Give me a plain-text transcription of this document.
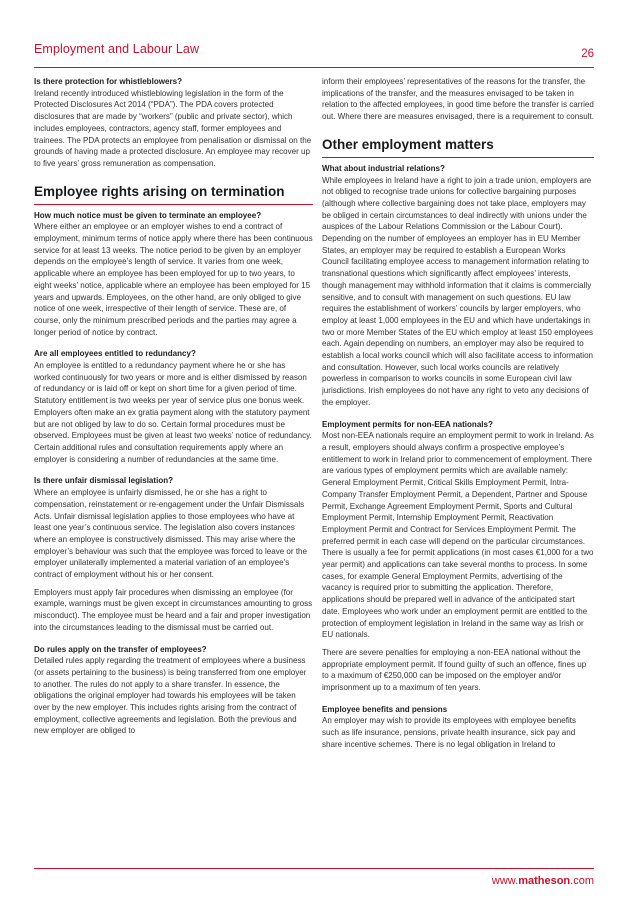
Employment and Labour Law	26
Is there protection for whistleblowers?

Ireland recently introduced whistleblowing legislation in the form of the Protected Disclosures Act 2014 (“PDA”). The PDA covers protected disclosures that are made by “workers” (public and private sector), which includes employees, contractors, agency staff, former employees and trainees. The PDA protects an employee from penalisation or dismissal on the grounds of having made a protected disclosure. An employee may recover up to five years’ gross remuneration as compensation.

Employee rights arising on termination
How much notice must be given to terminate an employee?

Where either an employee or an employer wishes to end a contract of employment, minimum terms of notice apply where there has been continuous service for at least 13 weeks. The notice period to be given by an employer depends on the employee’s length of service. It varies from one week, applicable where an employee has been employed for up to two years, to eight weeks’ notice, applicable where an employee has been employed for 15 years and upwards. Employees, on the other hand, are only obliged to give notice of one week, irrespective of their length of service. These are, of course, only the minimum prescribed periods and the parties may agree a longer period of notice by contract.

Are all employees entitled to redundancy?

An employee is entitled to a redundancy payment where he or she has worked continuously for two years or more and is either dismissed by reason of redundancy or is laid off or kept on short time for a given period of time. Statutory entitlement is two weeks per year of service plus one bonus week. Employers often make an ex gratia payment along with the statutory payment but are not obliged by law to do so. Certain formal procedures must be observed. Employees must be given at least two weeks’ notice of redundancy. Certain additional rules and consultation requirements apply where an employer is considering a number of redundancies at the same time.

Is there unfair dismissal legislation?

Where an employee is unfairly dismissed, he or she has a right to compensation, reinstatement or re-engagement under the Unfair Dismissals Acts. Unfair dismissal legislation applies to those employees who have at least one year’s continuous service. The legislation also covers instances where an employee is constructively dismissed. This may arise where the employer’s behaviour was such that the employee was forced to leave or the employer unilaterally implemented a material variation of an employee’s contract of employment without his or her consent.

Employers must apply fair procedures when dismissing an employee (for example, warnings must be given except in circumstances amounting to gross misconduct). The employee must be heard and a fair and proper investigation into the circumstances leading to the dismissal must be carried out.

Do rules apply on the transfer of employees?

Detailed rules apply regarding the treatment of employees where a business (or assets pertaining to the business) is being transferred from one employer to another. The rules do not apply to a share transfer. In essence, the obligations the original employer had towards his employees will be taken over by the new employer. This includes rights arising from the contract of employment, collective agreements and legislation. Both the previous and new employer are obliged to

inform their employees’ representatives of the reasons for the transfer, the implications of the transfer, and the measures envisaged to be taken in relation to the affected employees, in good time before the transfer is carried out. Where there are measures envisaged, there is a requirement to consult.

Other employment matters
What about industrial relations?

While employees in Ireland have a right to join a trade union, employers are not obliged to recognise trade unions for collective bargaining purposes (although where collective bargaining does not take place, employers may be obliged in certain circumstances to deal indirectly with unions under the auspices of the Labour Relations Commission or the Labour Court). Depending on the number of employees an employer has in EU Member States, an employer may be required to establish a European Works Council facilitating employee access to management information relating to transnational questions which significantly affect employees’ interests, though management may withhold information that it claims is commercially sensitive, and to consult with management on such questions. EU law requires the establishment of workers’ councils by larger employers, who employ at least 1,000 employees in the EU and which have undertakings in two or more Member States of the EU which employ at least 150 employees each. Again depending on numbers, an employer may also be required to establish a local works council which will also facilitate access to information and consultation. However, such local works councils are relatively powerless in comparison to works councils in some European civil law jurisdictions. Irish employees do not have any right to veto any decisions of the employer.

Employment permits for non-EEA nationals?

Most non-EEA nationals require an employment permit to work in Ireland. As a result, employers should always confirm a prospective employee’s entitlement to work in Ireland prior to commencement of employment. There are various types of employment permits which are available namely: General Employment Permit, Critical Skills Employment Permit, Intra-Company Transfer Employment Permit, a Dependent, Partner and Spouse Permit, Exchange Agreement Employment Permit, Sports and Cultural Employment Permit, Internship Employment Permit, Reactivation Employment Permit and Contract for Services Employment Permit. The preferred permit in each case will depend on the particular circumstances. There is usually a fee for permit applications (in most cases €1,000 for a two year permit) and applications can take several months to process. In some cases, for example General Employment Permits, advertising of the vacancy is required prior to submitting the application. Therefore, applications should be prepared well in advance of the anticipated start date. Employees who work under an employment permit are entitled to the protection of employment legislation in Ireland in the same way as Irish or EU nationals.

There are severe penalties for employing a non-EEA national without the appropriate employment permit. If found guilty of such an offence, fines up to a maximum of €250,000 can be imposed on the employer and/or imprisonment up to a maximum of ten years.

Employee benefits and pensions

An employer may wish to provide its employees with employee benefits such as life insurance, pensions, private health insurance, sick pay and share incentive schemes. There is no legal obligation in Ireland to

www.matheson.com
